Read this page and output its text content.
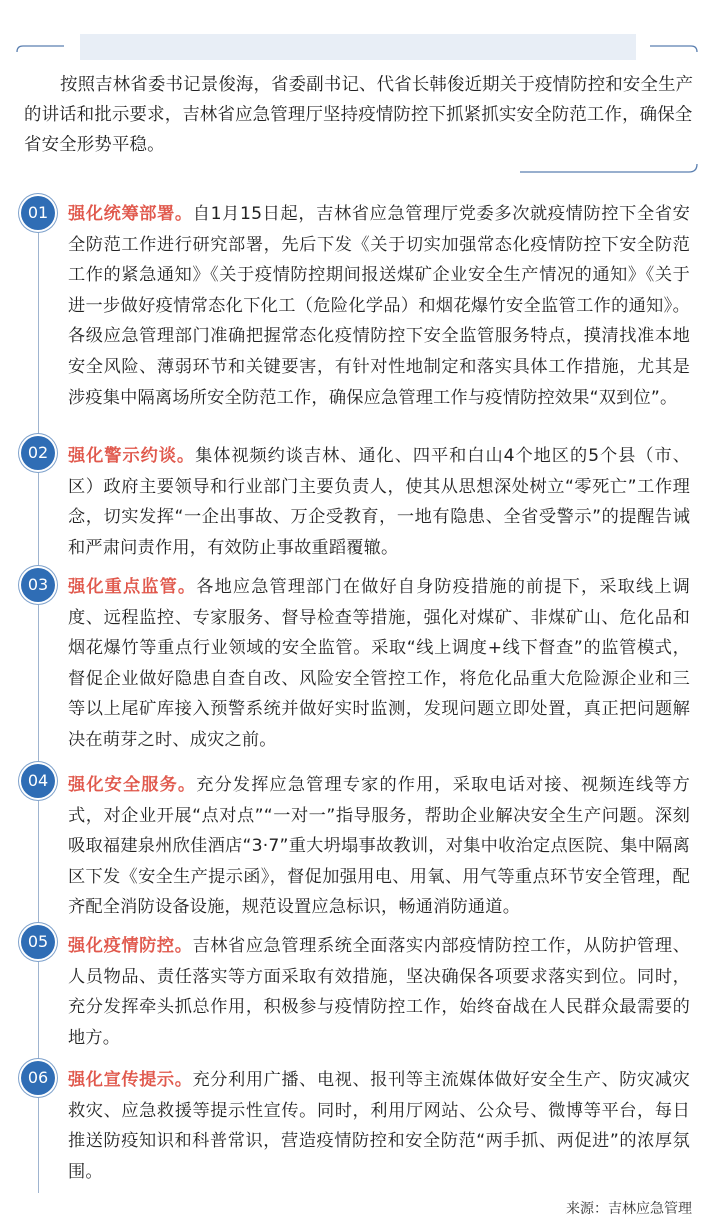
按照吉林省委书记景俊海，省委副书记、代省长韩俊近期关于疫情防控和安全生产的讲话和批示要求，吉林省应急管理厅坚持疫情防控下抓紧抓实安全防范工作，确保全省安全形势平稳。

01	强化统筹部署。自1月15日起，吉林省应急管理厅党委多次就疫情防控下全省安全防范工作进行研究部署，先后下发《关于切实加强常态化疫情防控下安全防范工作的紧急通知》《关于疫情防控期间报送煤矿企业安全生产情况的通知》《关于进一步做好疫情常态化下化工（危险化学品）和烟花爆竹安全监管工作的通知》。各级应急管理部门准确把握常态化疫情防控下安全监管服务特点，摸清找准本地安全风险、薄弱环节和关键要害，有针对性地制定和落实具体工作措施，尤其是涉疫集中隔离场所安全防范工作，确保应急管理工作与疫情防控效果“双到位”。

02	强化警示约谈。集体视频约谈吉林、通化、四平和白山4个地区的5个县（市、区）政府主要领导和行业部门主要负责人，使其从思想深处树立“零死亡”工作理念，切实发挥“一企出事故、万企受教育，一地有隐患、全省受警示”的提醒告诫和严肃问责作用，有效防止事故重蹈覆辙。

03	强化重点监管。各地应急管理部门在做好自身防疫措施的前提下，采取线上调度、远程监控、专家服务、督导检查等措施，强化对煤矿、非煤矿山、危化品和烟花爆竹等重点行业领域的安全监管。采取“线上调度+线下督查”的监管模式，督促企业做好隐患自查自改、风险安全管控工作，将危化品重大危险源企业和三等以上尾矿库接入预警系统并做好实时监测，发现问题立即处置，真正把问题解决在萌芽之时、成灾之前。

04	强化安全服务。充分发挥应急管理专家的作用，采取电话对接、视频连线等方式，对企业开展“点对点”“一对一”指导服务，帮助企业解决安全生产问题。深刻吸取福建泉州欣佳酒店“3·7”重大坍塌事故教训，对集中收治定点医院、集中隔离区下发《安全生产提示函》，督促加强用电、用氧、用气等重点环节安全管理，配齐配全消防设备设施，规范设置应急标识，畅通消防通道。

05	强化疫情防控。吉林省应急管理系统全面落实内部疫情防控工作，从防护管理、人员物品、责任落实等方面采取有效措施，坚决确保各项要求落实到位。同时，充分发挥牵头抓总作用，积极参与疫情防控工作，始终奋战在人民群众最需要的地方。

06	强化宣传提示。充分利用广播、电视、报刊等主流媒体做好安全生产、防灾减灾救灾、应急救援等提示性宣传。同时，利用厅网站、公众号、微博等平台，每日推送防疫知识和科普常识，营造疫情防控和安全防范“两手抓、两促进”的浓厚氛围。

来源：吉林应急管理
